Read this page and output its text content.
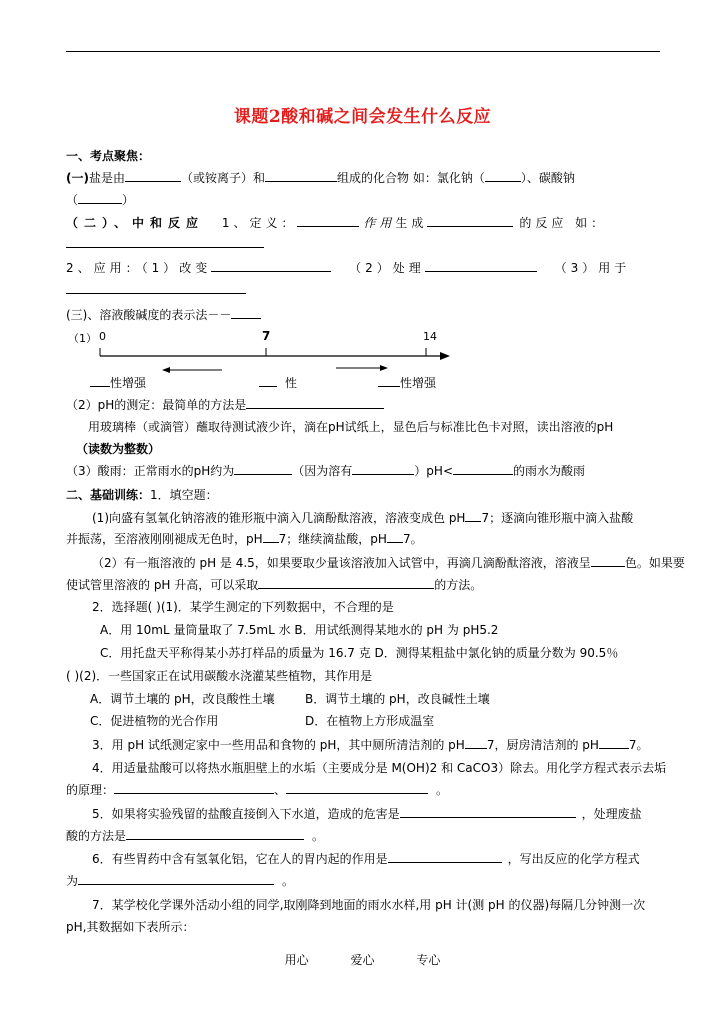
课题2酸和碱之间会发生什么反应
一、考点聚焦：
(一)盐是由	（或铵离子）和	组成的化合物 如：氯化钠（	）、碳酸钠
（	）
（二）、中和反应 1、定义：	作用生成	的反应 如：
2、应用：（1）改变	（2）处理	（3）用于
(三)、溶液酸碱度的表示法－－
（1） 0	7	14
性增强	性	性增强
（2）pH的测定：最简单的方法是
用玻璃棒（或滴管）蘸取待测试液少许，滴在pH试纸上，显色后与标准比色卡对照，读出溶液的pH
（读数为整数）
（3）酸雨：正常雨水的pH约为	（因为溶有	）pH<	的雨水为酸雨
二、基础训练：1．填空题：
(1)向盛有氢氧化钠溶液的锥形瓶中滴入几滴酚酞溶液，溶液变成色 pH 7；逐滴向锥形瓶中滴入盐酸
并振荡，至溶液刚刚褪成无色时，pH 7；继续滴盐酸，pH 7。
（2）有一瓶溶液的 pH 是 4.5，如果要取少量该溶液加入试管中，再滴几滴酚酞溶液，溶液呈	色。如果要
使试管里溶液的 pH 升高，可以采取	的方法。
2．选择题( )(1)．某学生测定的下列数据中，不合理的是
A．用 10mL 量筒量取了 7.5mL 水 B．用试纸测得某地水的 pH 为 pH5.2
C．用托盘天平称得某小苏打样品的质量为 16.7 克 D．测得某粗盐中氯化钠的质量分数为 90.5％
( )(2)．一些国家正在试用碳酸水浇灌某些植物，其作用是
A．调节土壤的 pH，改良酸性土壤	B．调节土壤的 pH，改良碱性土壤
C．促进植物的光合作用	D．在植物上方形成温室
3．用 pH 试纸测定家中一些用品和食物的 pH，其中厕所清洁剂的 pH 7，厨房清洁剂的 pH	7。
4．用适量盐酸可以将热水瓶胆壁上的水垢（主要成分是 M(OH)2 和 CaCO3）除去。用化学方程式表示去垢
的原理：	、	。
5．如果将实验残留的盐酸直接倒入下水道，造成的危害是	，处理废盐
酸的方法是	。
6．有些胃药中含有氢氧化铝，它在人的胃内起的作用是	，写出反应的化学方程式
为	。
7．某学校化学课外活动小组的同学,取刚降到地面的雨水水样,用 pH 计(测 pH 的仪器)每隔几分钟测一次
pH,其数据如下表所示：
用心	爱心	专心
